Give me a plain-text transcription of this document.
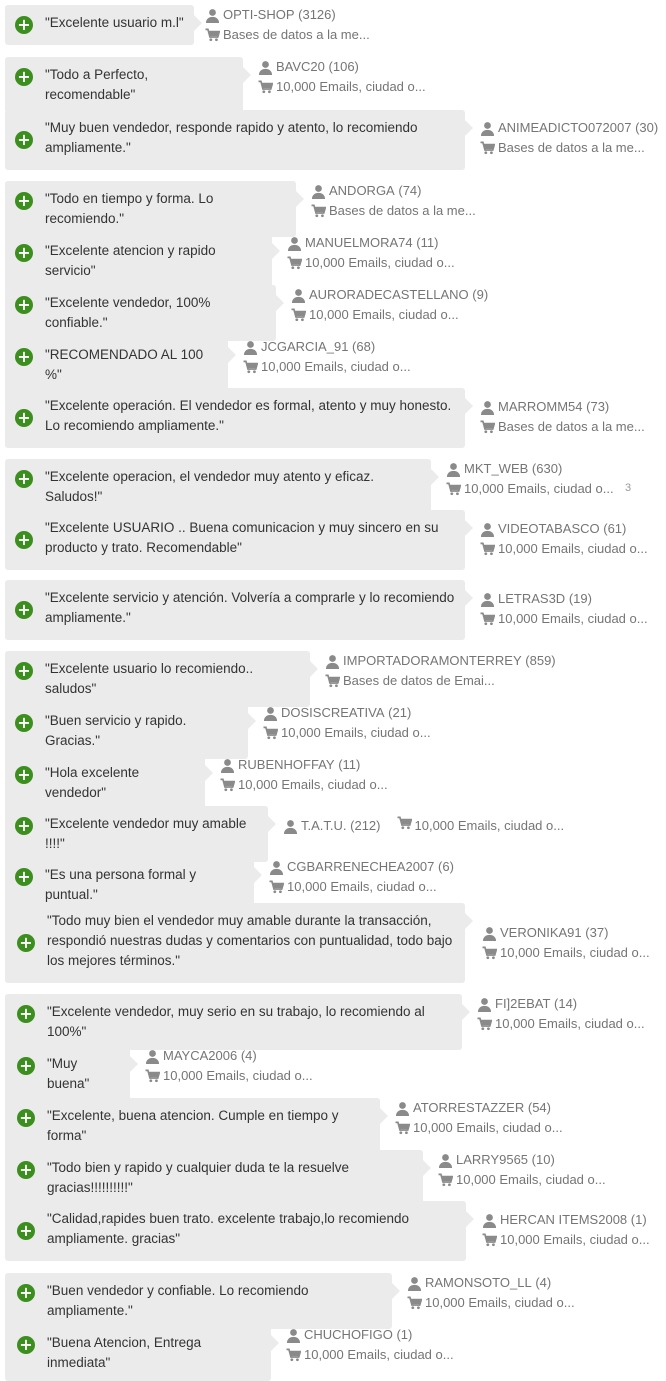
+ "Excelente usuario m.l"
OPTI-SHOP
(3126)
Bases de datos a la me...
+ "Todo a Perfecto, recomendable"
BAVC20
(106)
10,000 Emails, ciudad o...
+
"Muy buen vendedor, responde rapido y atento, lo recomiendo ampliamente."
ANIMEADICTO072007
(30)
Bases de datos a la me...
+ "Todo en tiempo y forma. Lo recomiendo."
ANDORGA
(74)
Bases de datos a la me...
+ "Excelente atencion y rapido servicio"
MANUELMORA74
(11)
10,000 Emails, ciudad o...
+ "Excelente vendedor, 100% confiable."
AURORADECASTELLANO
(9)
10,000 Emails, ciudad o...
+ "RECOMENDADO AL 100 %"
JCGARCIA_91
(68)
10,000 Emails, ciudad o...
+
"Excelente operación. El vendedor es formal, atento y muy honesto. Lo recomiendo ampliamente."
MARROMM54
(73)
Bases de datos a la me...
+ "Excelente operacion, el vendedor muy atento y eficaz. Saludos!"
MKT_WEB
(630)
10,000 Emails, ciudad o...
+
"Excelente USUARIO .. Buena comunicacion y muy sincero en su producto y trato. Recomendable"
VIDEOTABASCO
(61)
10,000 Emails, ciudad o...
+
"Excelente servicio y atención. Volvería a comprarle y lo recomiendo ampliamente."
LETRAS3D
(19)
10,000 Emails, ciudad o...
+ "Excelente usuario lo recomiendo.. saludos"
IMPORTADORAMONTERREY
(859)
Bases de datos de Emai...
+ "Buen servicio y rapido. Gracias."
DOSISCREATIVA
(21)
10,000 Emails, ciudad o...
+ "Hola excelente vendedor"
RUBENHOFFAY
(11)
10,000 Emails, ciudad o...
+ "Excelente vendedor muy amable !!!!"
T.A.T.U.
(212)	10,000 Emails, ciudad o...
+ "Es una persona formal y puntual."
CGBARRENECHEA2007
(6)
10,000 Emails, ciudad o...
+
"Todo muy bien el vendedor muy amable durante la transacción, respondió nuestras dudas y comentarios con puntualidad, todo bajo los mejores términos."
VERONIKA91
(37)
10,000 Emails, ciudad o...
+ "Excelente vendedor, muy serio en su trabajo, lo recomiendo al 100%"
FI]2EBAT
(14)
10,000 Emails, ciudad o...
+ "Muy buena"
MAYCA2006
(4)
10,000 Emails, ciudad o...
+ "Excelente, buena atencion. Cumple en tiempo y forma"
ATORRESTAZZER
(54)
10,000 Emails, ciudad o...
+ "Todo bien y rapido y cualquier duda te la resuelve gracias!!!!!!!!!!"
LARRY9565
(10)
10,000 Emails, ciudad o...
+
"Calidad,rapides buen trato. excelente trabajo,lo recomiendo ampliamente. gracias"
HERCAN ITEMS2008
(1)
10,000 Emails, ciudad o...
+ "Buen vendedor y confiable. Lo recomiendo ampliamente."
RAMONSOTO_LL
(4)
10,000 Emails, ciudad o...
+ "Buena Atencion, Entrega inmediata"
CHUCHOFIGO
(1)
10,000 Emails, ciudad o...
3
